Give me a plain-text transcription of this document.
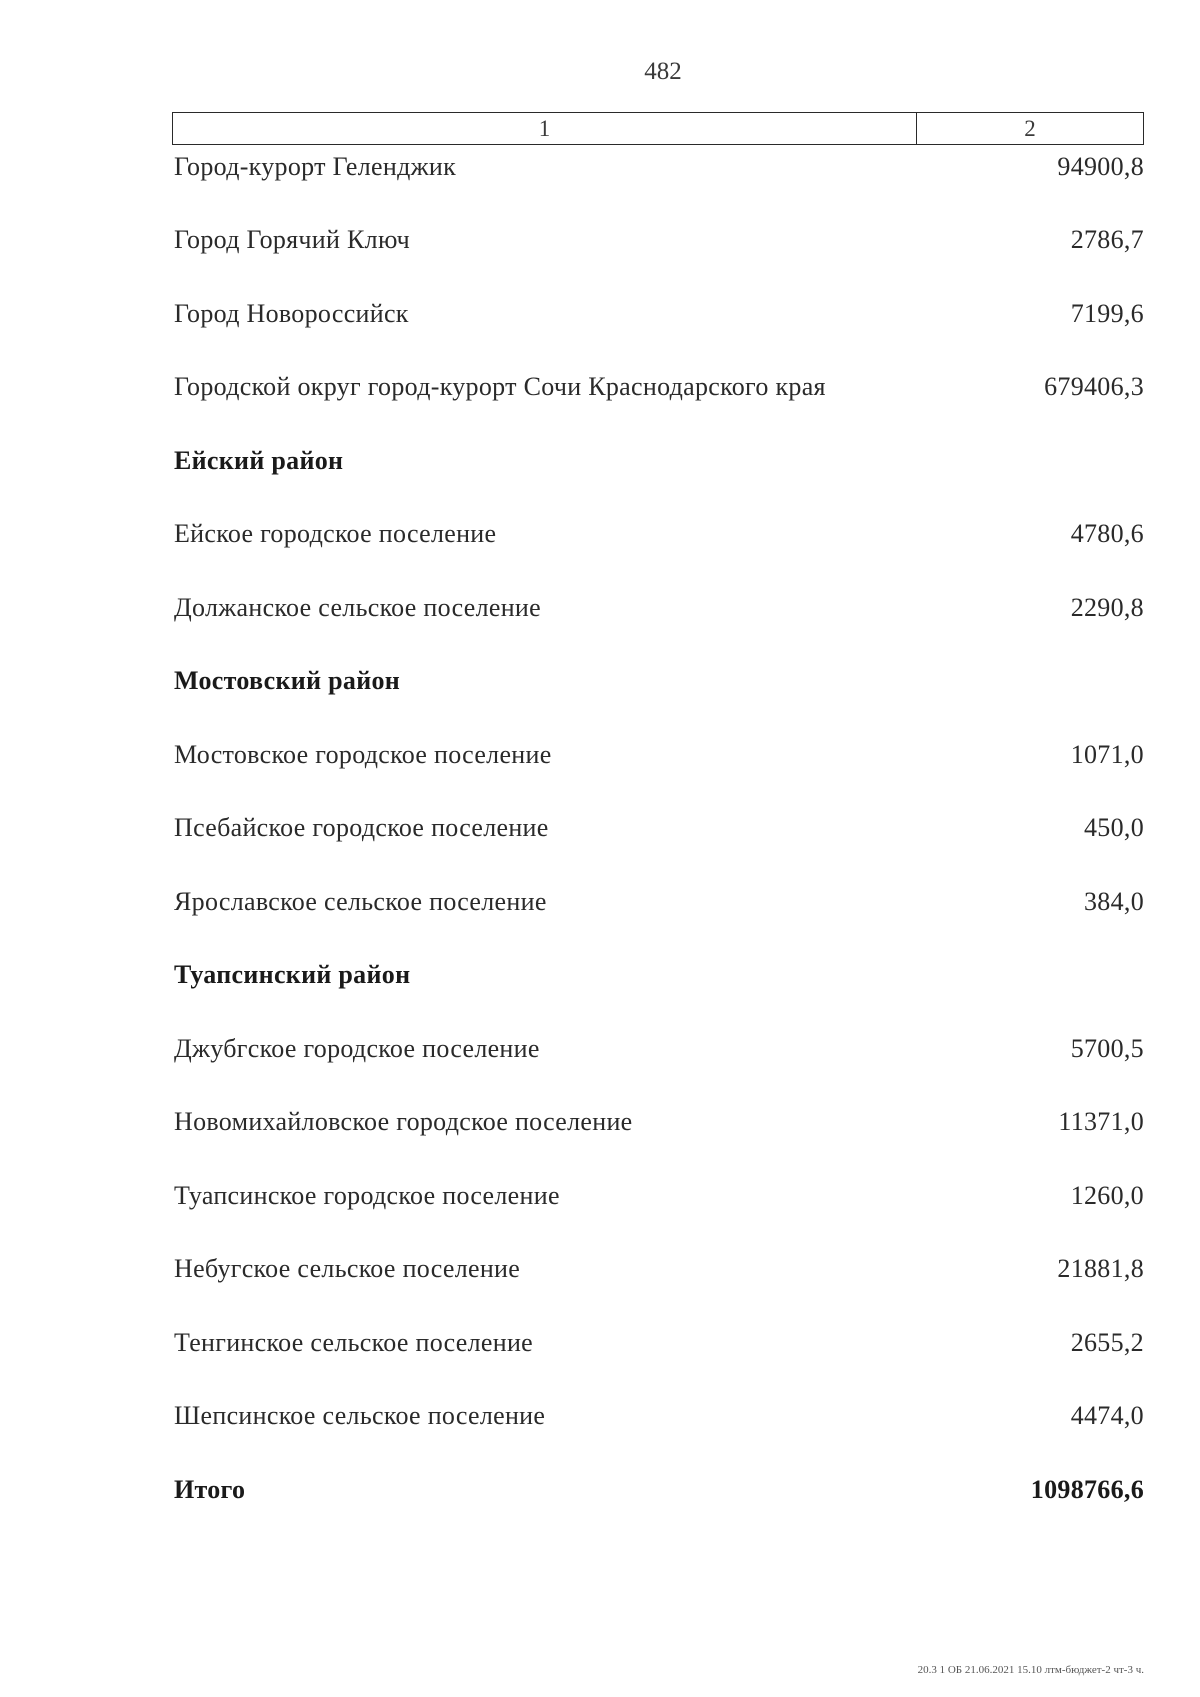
482
1	2
Город-курорт Геленджик	94900,8
Город Горячий Ключ	2786,7
Город Новороссийск	7199,6
Городской округ город-курорт Сочи Краснодарского края	679406,3
Ейский район
Ейское городское поселение	4780,6
Должанское сельское поселение	2290,8
Мостовский район
Мостовское городское поселение	1071,0
Псебайское городское поселение	450,0
Ярославское сельское поселение	384,0
Туапсинский район
Джубгское городское поселение	5700,5
Новомихайловское городское поселение	11371,0
Туапсинское городское поселение	1260,0
Небугское сельское поселение	21881,8
Тенгинское сельское поселение	2655,2
Шепсинское сельское поселение	4474,0
Итого	1098766,6
20.3 1 ОБ 21.06.2021 15.10 лтм-бюджет-2 чт-3 ч.
